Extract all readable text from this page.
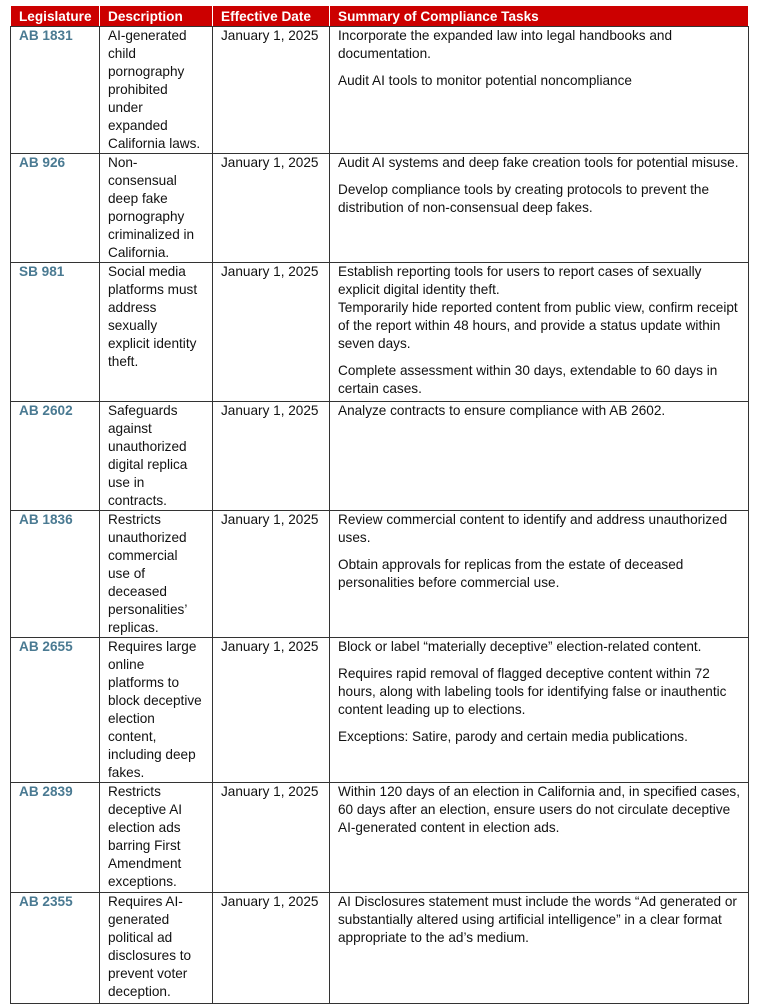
Legislature	Description	Effective Date	Summary of Compliance Tasks
AB 1831	AI-generated child pornography prohibited under expanded California laws.	January 1, 2025	Incorporate the expanded law into legal handbooks and documentation.

Audit AI tools to monitor potential noncompliance

AB 926	Non-consensual deep fake pornography criminalized in California.	January 1, 2025	Audit AI systems and deep fake creation tools for potential misuse.

Develop compliance tools by creating protocols to prevent the distribution of non-consensual deep fakes.

SB 981	Social media platforms must address sexually explicit identity theft.	January 1, 2025	Establish reporting tools for users to report cases of sexually explicit digital identity theft.

Temporarily hide reported content from public view, confirm receipt of the report within 48 hours, and provide a status update within seven days.

Complete assessment within 30 days, extendable to 60 days in certain cases.

AB 2602	Safeguards against unauthorized digital replica use in contracts.	January 1, 2025	Analyze contracts to ensure compliance with AB 2602.

AB 1836	Restricts unauthorized commercial use of deceased personalities’ replicas.	January 1, 2025	Review commercial content to identify and address unauthorized uses.

Obtain approvals for replicas from the estate of deceased personalities before commercial use.

AB 2655	Requires large online platforms to block deceptive election content, including deep fakes.	January 1, 2025	Block or label “materially deceptive” election-related content.

Requires rapid removal of flagged deceptive content within 72 hours, along with labeling tools for identifying false or inauthentic content leading up to elections.

Exceptions: Satire, parody and certain media publications.

AB 2839	Restricts deceptive AI election ads barring First Amendment exceptions.	January 1, 2025	Within 120 days of an election in California and, in specified cases, 60 days after an election, ensure users do not circulate deceptive AI-generated content in election ads.

AB 2355	Requires AI-generated political ad disclosures to prevent voter deception.	January 1, 2025	AI Disclosures statement must include the words “Ad generated or substantially altered using artificial intelligence” in a clear format appropriate to the ad’s medium.
